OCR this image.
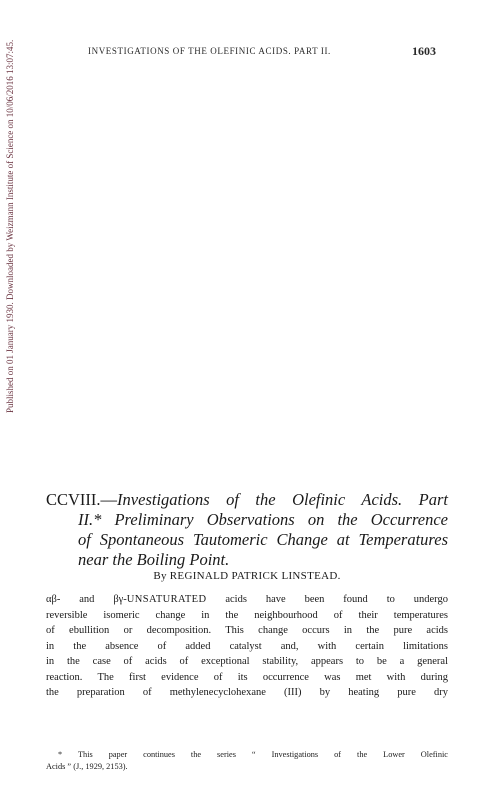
Published on 01 January 1930. Downloaded by Weizmann Institute of Science on 10/06/2016 13:07:45.	INVESTIGATIONS OF THE OLEFINIC ACIDS. PART II.	1603
CCVIII.—Investigations of the Olefinic Acids. Part
II.* Preliminary Observations on the Occurrence
of Spontaneous Tautomeric Change at Temperatures
near the Boiling Point.
By REGINALD PATRICK LINSTEAD.
αβ- and βγ-UNSATURATED acids have been found to undergo
reversible isomeric change in the neighbourhood of their temperatures
of ebullition or decomposition. This change occurs in the pure acids
in the absence of added catalyst and, with certain limitations
in the case of acids of exceptional stability, appears to be a general
reaction. The first evidence of its occurrence was met with during
the preparation of methylenecyclohexane (III) by heating pure dry
* This paper continues the series “ Investigations of the Lower Olefinic
Acids ” (J., 1929, 2153).
